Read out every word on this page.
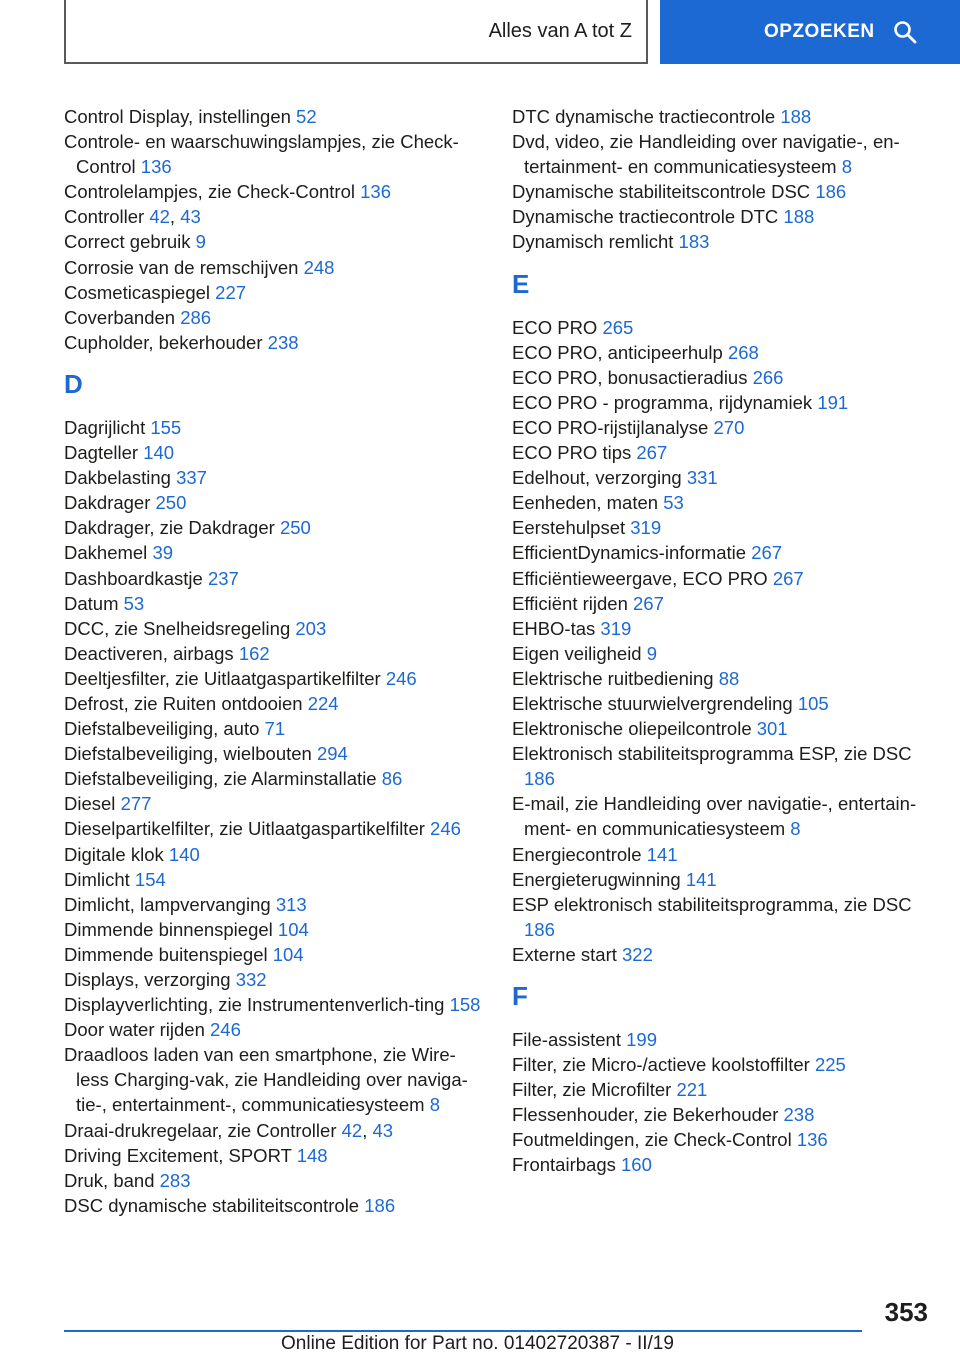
Alles van A tot Z	OPZOEKEN
Control Display, instellingen 52
Controle- en waarschuwingslampjes, zie Check-Control 136
Controlelampjes, zie Check-Control 136
Controller 42, 43
Correct gebruik 9
Corrosie van de remschijven 248
Cosmeticaspiegel 227
Coverbanden 286
Cupholder, bekerhouder 238
D
Dagrijlicht 155
Dagteller 140
Dakbelasting 337
Dakdrager 250
Dakdrager, zie Dakdrager 250
Dakhemel 39
Dashboardkastje 237
Datum 53
DCC, zie Snelheidsregeling 203
Deactiveren, airbags 162
Deeltjesfilter, zie Uitlaatgaspartikelfilter 246
Defrost, zie Ruiten ontdooien 224
Diefstalbeveiliging, auto 71
Diefstalbeveiliging, wielbouten 294
Diefstalbeveiliging, zie Alarminstallatie 86
Diesel 277
Dieselpartikelfilter, zie Uitlaatgaspartikelfilter 246
Digitale klok 140
Dimlicht 154
Dimlicht, lampvervanging 313
Dimmende binnenspiegel 104
Dimmende buitenspiegel 104
Displays, verzorging 332
Displayverlichting, zie Instrumentenverlich-ting 158
Door water rijden 246
Draadloos laden van een smartphone, zie Wire-less Charging-vak, zie Handleiding over naviga-tie-, entertainment-, communicatiesysteem 8
Draai-drukregelaar, zie Controller 42, 43
Driving Excitement, SPORT 148
Druk, band 283
DSC dynamische stabiliteitscontrole 186
DTC dynamische tractiecontrole 188
Dvd, video, zie Handleiding over navigatie-, en-tertainment- en communicatiesysteem 8
Dynamische stabiliteitscontrole DSC 186
Dynamische tractiecontrole DTC 188
Dynamisch remlicht 183
E
ECO PRO 265
ECO PRO, anticipeerhulp 268
ECO PRO, bonusactieradius 266
ECO PRO - programma, rijdynamiek 191
ECO PRO-rijstijlanalyse 270
ECO PRO tips 267
Edelhout, verzorging 331
Eenheden, maten 53
Eerstehulpset 319
EfficientDynamics-informatie 267
Efficiëntieweergave, ECO PRO 267
Efficiënt rijden 267
EHBO-tas 319
Eigen veiligheid 9
Elektrische ruitbediening 88
Elektrische stuurwielvergrendeling 105
Elektronische oliepeilcontrole 301
Elektronisch stabiliteitsprogramma ESP, zie DSC 186
E-mail, zie Handleiding over navigatie-, entertain-ment- en communicatiesysteem 8
Energiecontrole 141
Energieterugwinning 141
ESP elektronisch stabiliteitsprogramma, zie DSC 186
Externe start 322
F
File-assistent 199
Filter, zie Micro-/actieve koolstoffilter 225
Filter, zie Microfilter 221
Flessenhouder, zie Bekerhouder 238
Foutmeldingen, zie Check-Control 136
Frontairbags 160
353
Online Edition for Part no. 01402720387 - II/19
